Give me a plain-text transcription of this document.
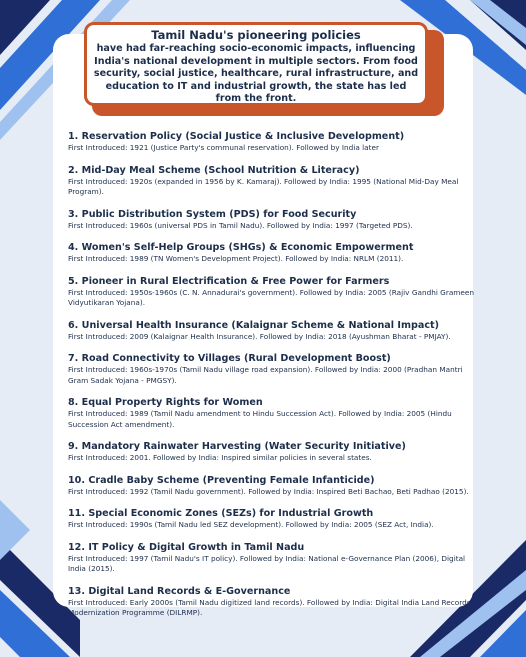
Tamil Nadu's pioneering policies
have had far-reaching socio-economic impacts, influencing India's national development in multiple sectors. From food security, social justice, healthcare, rural infrastructure, and education to IT and industrial growth, the state has led from the front.
1. Reservation Policy (Social Justice & Inclusive Development)
First Introduced: 1921 (Justice Party's communal reservation). Followed by India later
2. Mid-Day Meal Scheme (School Nutrition & Literacy)
First Introduced: 1920s (expanded in 1956 by K. Kamaraj). Followed by India: 1995 (National Mid-Day Meal Program).
3. Public Distribution System (PDS) for Food Security
First Introduced: 1960s (universal PDS in Tamil Nadu). Followed by India: 1997 (Targeted PDS).
4. Women's Self-Help Groups (SHGs) & Economic Empowerment
First Introduced: 1989 (TN Women's Development Project). Followed by India: NRLM (2011).
5. Pioneer in Rural Electrification & Free Power for Farmers
First Introduced: 1950s-1960s (C. N. Annadurai's government). Followed by India: 2005 (Rajiv Gandhi Grameen Vidyutikaran Yojana).
6. Universal Health Insurance (Kalaignar Scheme & National Impact)
First Introduced: 2009 (Kalaignar Health Insurance). Followed by India: 2018 (Ayushman Bharat - PMJAY).
7. Road Connectivity to Villages (Rural Development Boost)
First Introduced: 1960s-1970s (Tamil Nadu village road expansion). Followed by India: 2000 (Pradhan Mantri Gram Sadak Yojana - PMGSY).
8. Equal Property Rights for Women
First Introduced: 1989 (Tamil Nadu amendment to Hindu Succession Act). Followed by India: 2005 (Hindu Succession Act amendment).
9. Mandatory Rainwater Harvesting (Water Security Initiative)
First Introduced: 2001. Followed by India: Inspired similar policies in several states.
10. Cradle Baby Scheme (Preventing Female Infanticide)
First Introduced: 1992 (Tamil Nadu government). Followed by India: Inspired Beti Bachao, Beti Padhao (2015).
11. Special Economic Zones (SEZs) for Industrial Growth
First Introduced: 1990s (Tamil Nadu led SEZ development). Followed by India: 2005 (SEZ Act, India).
12. IT Policy & Digital Growth in Tamil Nadu
First Introduced: 1997 (Tamil Nadu's IT policy). Followed by India: National e-Governance Plan (2006), Digital India (2015).
13. Digital Land Records & E-Governance
First Introduced: Early 2000s (Tamil Nadu digitized land records). Followed by India: Digital India Land Records Modernization Programme (DILRMP).
